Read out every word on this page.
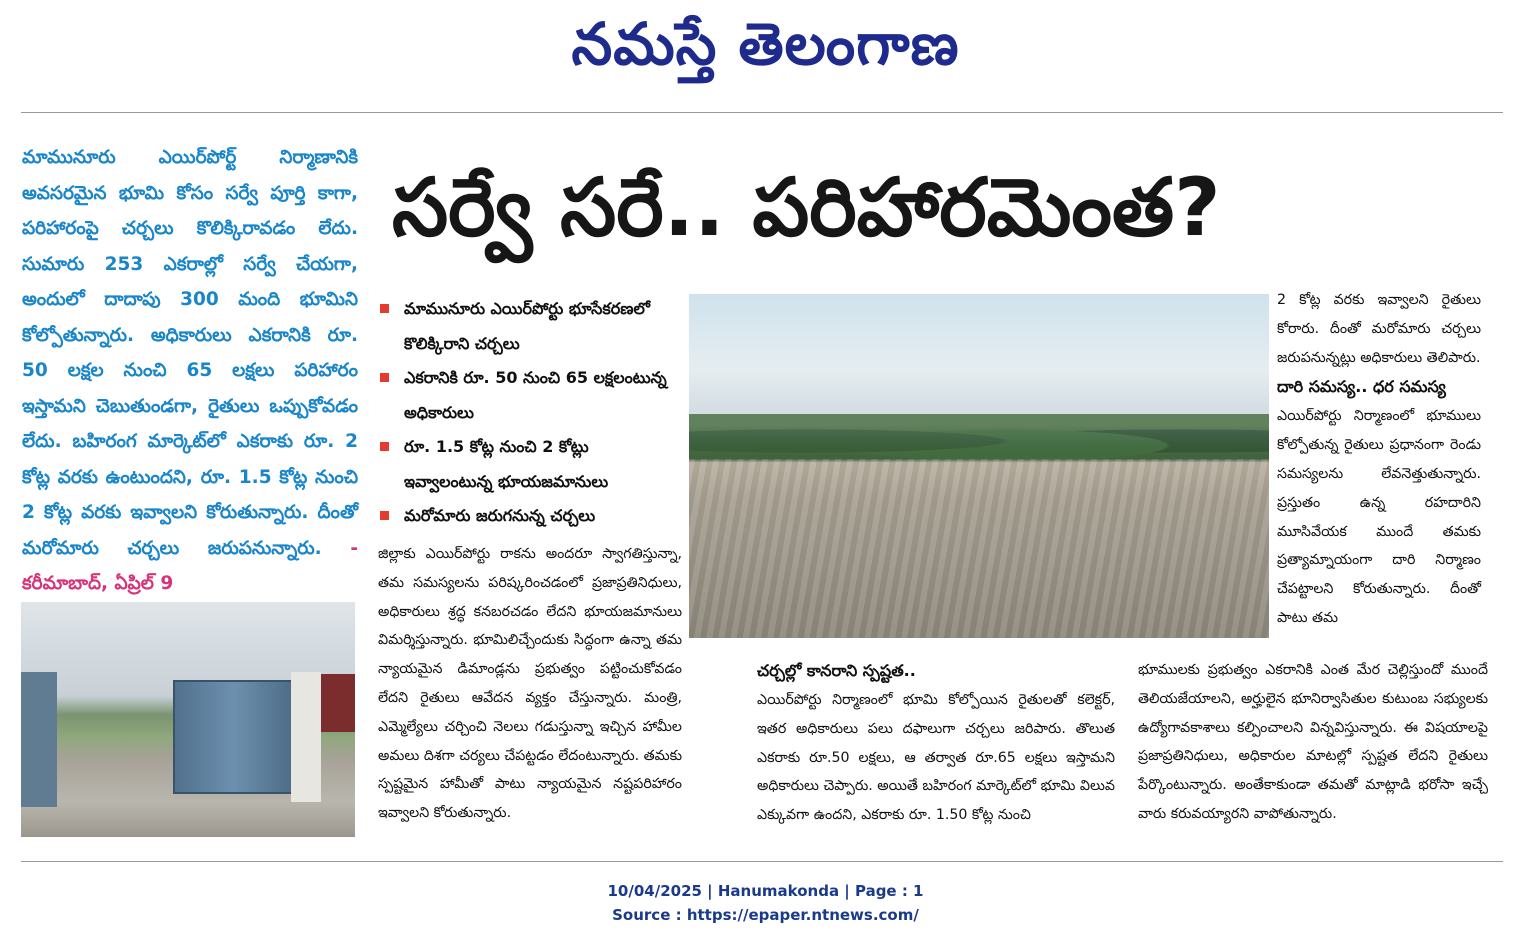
నమస్తే తెలంగాణ
మామునూరు ఎయిర్‌పోర్ట్ నిర్మాణానికి అవసరమైన భూమి కోసం సర్వే పూర్తి కాగా, పరిహారంపై చర్చలు కొలిక్కిరావడం లేదు. సుమారు 253 ఎకరాల్లో సర్వే చేయగా, అందులో దాదాపు 300 మంది భూమిని కోల్పోతున్నారు. అధికారులు ఎకరానికి రూ. 50 లక్షల నుంచి 65 లక్షలు పరిహారం ఇస్తామని చెబుతుండగా, రైతులు ఒప్పుకోవడం లేదు. బహిరంగ మార్కెట్‌లో ఎకరాకు రూ. 2 కోట్ల వరకు ఉంటుందని, రూ. 1.5 కోట్ల నుంచి 2 కోట్ల వరకు ఇవ్వాలని కోరుతున్నారు. దీంతో మరోమారు చర్చలు జరుపనున్నారు. - కరీమాబాద్, ఏప్రిల్ 9
సర్వే సరే.. పరిహారమెంత?
మామునూరు ఎయిర్‌పోర్టు భూసేకరణలో కొలిక్కిరాని చర్చలు
ఎకరానికి రూ. 50 నుంచి 65 లక్షలంటున్న అధికారులు
రూ. 1.5 కోట్ల నుంచి 2 కోట్లు ఇవ్వాలంటున్న భూయజమానులు
మరోమారు జరుగనున్న చర్చలు

జిల్లాకు ఎయిర్‌పోర్టు రాకను అందరూ స్వాగతిస్తున్నా, తమ సమస్యలను పరిష్కరించడంలో ప్రజాప్రతినిధులు, అధికారులు శ్రద్ధ కనబరచడం లేదని భూయజమానులు విమర్శిస్తున్నారు. భూమిలిచ్చేందుకు సిద్ధంగా ఉన్నా తమ న్యాయమైన డిమాండ్లను ప్రభుత్వం పట్టించుకోవడం లేదని రైతులు ఆవేదన వ్యక్తం చేస్తున్నారు. మంత్రి, ఎమ్మెల్యేలు చర్చించి నెలలు గడుస్తున్నా ఇచ్చిన హామీల అమలు దిశగా చర్యలు చేపట్టడం లేదంటున్నారు. తమకు స్పష్టమైన హామీతో పాటు న్యాయమైన నష్టపరిహారం ఇవ్వాలని కోరుతున్నారు.

చర్చల్లో కానరాని స్పష్టత..

ఎయిర్‌పోర్టు నిర్మాణంలో భూమి కోల్పోయిన రైతులతో కలెక్టర్, ఇతర అధికారులు పలు దఫాలుగా చర్చలు జరిపారు. తొలుత ఎకరాకు రూ.50 లక్షలు, ఆ తర్వాత రూ.65 లక్షలు ఇస్తామని అధికారులు చెప్పారు. అయితే బహిరంగ మార్కెట్‌లో భూమి విలువ ఎక్కువగా ఉందని, ఎకరాకు రూ. 1.50 కోట్ల నుంచి

2 కోట్ల వరకు ఇవ్వాలని రైతులు కోరారు. దీంతో మరోమారు చర్చలు జరుపనున్నట్లు అధికారులు తెలిపారు.

దారి సమస్య.. ధర సమస్య

ఎయిర్‌పోర్టు నిర్మాణంలో భూములు కోల్పోతున్న రైతులు ప్రధానంగా రెండు సమస్యలను లేవనెత్తుతున్నారు. ప్రస్తుతం ఉన్న రహదారిని మూసివేయక ముందే తమకు ప్రత్యామ్నాయంగా దారి నిర్మాణం చేపట్టాలని కోరుతున్నారు. దీంతో పాటు తమ

భూములకు ప్రభుత్వం ఎకరానికి ఎంత మేర చెల్లిస్తుందో ముందే తెలియజేయాలని, అర్హులైన భూనిర్వాసితుల కుటుంబ సభ్యులకు ఉద్యోగావకాశాలు కల్పించాలని విన్నవిస్తున్నారు. ఈ విషయాలపై ప్రజాప్రతినిధులు, అధికారుల మాటల్లో స్పష్టత లేదని రైతులు పేర్కొంటున్నారు. అంతేకాకుండా తమతో మాట్లాడి భరోసా ఇచ్చే వారు కరువయ్యారని వాపోతున్నారు.

10/04/2025 | Hanumakonda | Page : 1
Source : https://epaper.ntnews.com/
